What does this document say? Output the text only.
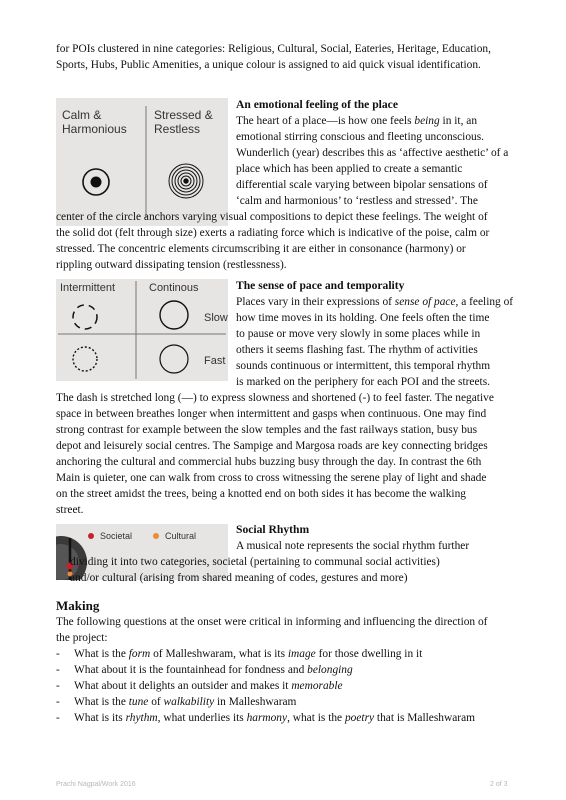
for POIs clustered in nine categories: Religious, Cultural, Social, Eateries, Heritage, Education,
Sports, Hubs, Public Amenities, a unique colour is assigned to aid quick visual identification.

Calm &
Harmonious
Stressed &
Restless

An emotional feeling of the place
The heart of a place—is how one feels being in it, an
emotional stirring conscious and fleeting unconscious.
Wunderlich (year) describes this as ‘affective aesthetic’ of a
place which has been applied to create a semantic
differential scale varying between bipolar sensations of
‘calm and harmonious’ to ‘restless and stressed’. The

center of the circle anchors varying visual compositions to depict these feelings. The weight of
the solid dot (felt through size) exerts a radiating force which is indicative of the poise, calm or
stressed. The concentric elements circumscribing it are either in consonance (harmony) or
rippling outward dissipating tension (restlessness).

Intermittent	Continous
Slow
Fast

The sense of pace and temporality
Places vary in their expressions of sense of pace, a feeling of
how time moves in its holding. One feels often the time
to pause or move very slowly in some places while in
others it seems flashing fast. The rhythm of activities
sounds continuous or intermittent, this temporal rhythm
is marked on the periphery for each POI and the streets.

The dash is stretched long (—) to express slowness and shortened (-) to feel faster. The negative
space in between breathes longer when intermittent and gasps when continuous. One may find
strong contrast for example between the slow temples and the fast railways station, busy bus
depot and leisurely social centres. The Sampige and Margosa roads are key connecting bridges
anchoring the cultural and commercial hubs buzzing busy through the day. In contrast the 6th
Main is quieter, one can walk from cross to cross witnessing the serene play of light and shade
on the street amidst the trees, being a knotted end on both sides it has become the walking
street.

Societal	Cultural	Social Rhythm
A musical note represents the social rhythm further

dividing it into two categories, societal (pertaining to communal social activities)
and/or cultural (arising from shared meaning of codes, gestures and more)

Making
The following questions at the onset were critical in informing and influencing the direction of
the project:
- What is the form of Malleshwaram, what is its image for those dwelling in it
- What about it is the fountainhead for fondness and belonging
- What about it delights an outsider and makes it memorable
- What is the tune of walkability in Malleshwaram
- What is its rhythm, what underlies its harmony, what is the poetry that is Malleshwaram
Prachi Nagpal/Work 2016	2 of 3
